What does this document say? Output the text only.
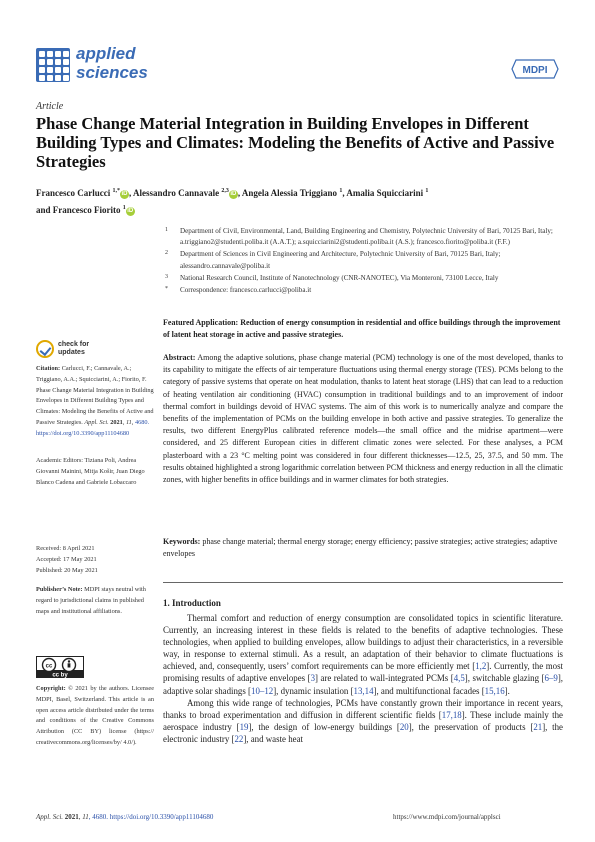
applied
sciences	MDPI
Article
Phase Change Material Integration in Building Envelopes in Different Building Types and Climates: Modeling the Benefits of Active and Passive Strategies
Francesco Carlucci $^{1,*}$ iD , Alessandro Cannavale $^{2,3}$ iD , Angela Alessia Triggiano $^1$, Amalia Squicciarini $^1$
and Francesco Fiorito $^1$ iD
1 Department of Civil, Environmental, Land, Building Engineering and Chemistry, Polytechnic University of Bari, 70125 Bari, Italy; a.triggiano2@studenti.poliba.it (A.A.T.); a.squicciarini2@studenti.poliba.it (A.S.); francesco.fiorito@poliba.it (F.F.)
2 Department of Sciences in Civil Engineering and Architecture, Polytechnic University of Bari, 70125 Bari, Italy; alessandro.cannavale@poliba.it
3 National Research Council, Institute of Nanotechnology (CNR-NANOTEC), Via Monteroni, 73100 Lecce, Italy
* Correspondence: francesco.carlucci@poliba.it
Featured Application: Reduction of energy consumption in residential and office buildings through the improvement of latent heat storage in active and passive strategies.
Abstract: Among the adaptive solutions, phase change material (PCM) technology is one of the most developed, thanks to its capability to mitigate the effects of air temperature fluctuations using thermal energy storage (TES). PCMs belong to the category of passive systems that operate on heat modulation, thanks to latent heat storage (LHS) that can lead to a reduction of heating ventilation air conditioning (HVAC) consumption in traditional buildings and to an improvement of indoor thermal comfort in buildings devoid of HVAC systems. The aim of this work is to numerically analyze and compare the benefits of the implementation of PCMs on the building envelope in both active and passive strategies. To generalize the results, two different EnergyPlus calibrated reference models—the small office and the midrise apartment—were considered, and 25 different European cities in different climatic zones were selected. For these analyses, a PCM plasterboard with a 23 °C melting point was considered in four different thicknesses—12.5, 25, 37.5, and 50 mm. The results obtained highlighted a strong logarithmic correlation between PCM thickness and energy reduction in all the climatic zones, with higher benefits in office buildings and in warmer climates for both strategies.
Keywords: phase change material; thermal energy storage; energy efficiency; passive strategies; active strategies; adaptive envelopes
1. Introduction

Thermal comfort and reduction of energy consumption are consolidated topics in scientific literature. Currently, an increasing interest in these fields is related to the benefits of adaptive technologies. These technologies, when applied to building envelopes, allow buildings to adjust their characteristics, in a reversible way, in response to external stimuli. As a result, an adaptation of their behavior to climate fluctuations is achieved, and, consequently, users’ comfort requirements can be more efficiently met [1,2]. Currently, the most promising results of adaptive envelopes [3] are related to wall-integrated PCMs [4,5], switchable glazing [6–9], adaptive solar shadings [10–12], dynamic insulation [13,14], and multifunctional facades [15,16].

Among this wide range of technologies, PCMs have constantly grown their importance in recent years, thanks to broad experimentation and diffusion in different scientific fields [17,18]. These include mainly the aerospace industry [19], the design of low-energy buildings [20], the preservation of products [21], the electronic industry [22], and waste heat

check for
updates
Citation: Carlucci, F.; Cannavale, A.; Triggiano, A.A.; Squicciarini, A.; Fiorito, F. Phase Change Material Integration in Building Envelopes in Different Building Types and Climates: Modeling the Benefits of Active and Passive Strategies. Appl. Sci. 2021, 11, 4680. https://doi.org/10.3390/app11104680
Academic Editors: Tiziana Poli, Andrea Giovanni Mainini, Mitja Košir, Juan Diego Blanco Cadena and Gabriele Lobaccaro
Received: 8 April 2021
Accepted: 17 May 2021
Published: 20 May 2021
Publisher’s Note: MDPI stays neutral with regard to jurisdictional claims in published maps and institutional affiliations.
cc
cc by
Copyright: © 2021 by the authors. Licensee MDPI, Basel, Switzerland. This article is an open access article distributed under the terms and conditions of the Creative Commons Attribution (CC BY) license (https:// creativecommons.org/licenses/by/ 4.0/).
Appl. Sci. 2021, 11, 4680. https://doi.org/10.3390/app11104680	https://www.mdpi.com/journal/applsci
